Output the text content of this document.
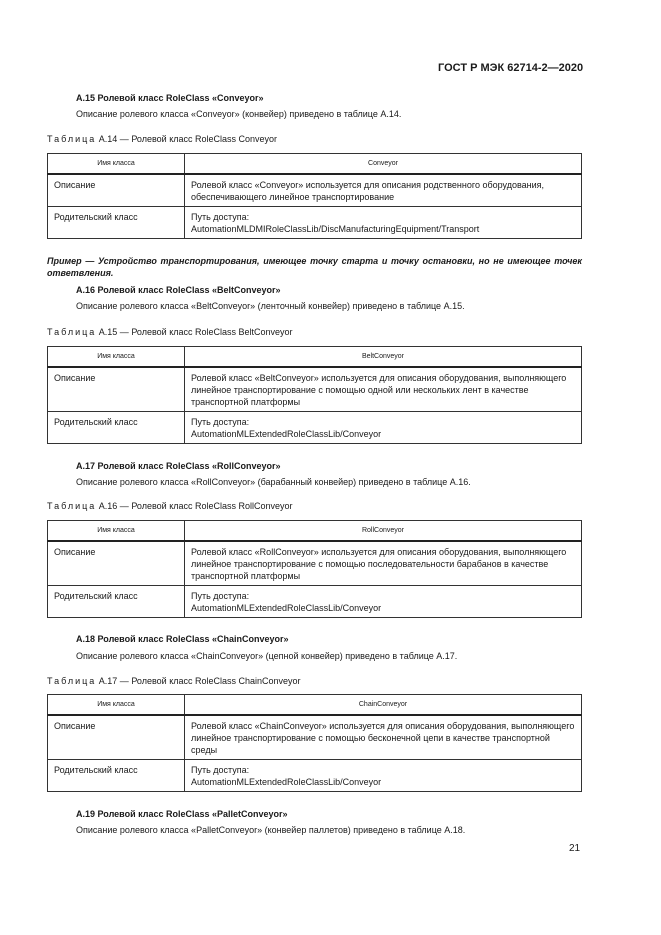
ГОСТ Р МЭК 62714-2—2020
А.15 Ролевой класс RoleClass «Conveyor»
Описание ролевого класса «Conveyor» (конвейер) приведено в таблице А.14.
Таблица А.14 — Ролевой класс RoleClass Conveyor
Имя класса	Conveyor
Описание	Ролевой класс «Conveyor» используется для описания родственного оборудования, обеспечивающего линейное транспортирование
Родительский класс	Путь доступа:
AutomationMLDMIRoleClassLib/DiscManufacturingEquipment/Transport
Пример — Устройство транспортирования, имеющее точку старта и точку остановки, но не имеющее точек ответвления.
А.16 Ролевой класс RoleClass «BeltConveyor»
Описание ролевого класса «BeltConveyor» (ленточный конвейер) приведено в таблице А.15.
Таблица А.15 — Ролевой класс RoleClass BeltConveyor
Имя класса	BeltConveyor
Описание	Ролевой класс «BeltConveyor» используется для описания оборудования, выполняющего линейное транспортирование с помощью одной или нескольких лент в качестве транспортной платформы
Родительский класс	Путь доступа:
AutomationMLExtendedRoleClassLib/Conveyor
А.17 Ролевой класс RoleClass «RollConveyor»
Описание ролевого класса «RollConveyor» (барабанный конвейер) приведено в таблице А.16.
Таблица А.16 — Ролевой класс RoleClass RollConveyor
Имя класса	RollConveyor
Описание	Ролевой класс «RollConveyor» используется для описания оборудования, выполняющего линейное транспортирование с помощью последовательности барабанов в качестве транспортной платформы
Родительский класс	Путь доступа:
AutomationMLExtendedRoleClassLib/Conveyor
А.18 Ролевой класс RoleClass «ChainConveyor»
Описание ролевого класса «ChainConveyor» (цепной конвейер) приведено в таблице А.17.
Таблица А.17 — Ролевой класс RoleClass ChainConveyor
Имя класса	ChainConveyor
Описание	Ролевой класс «ChainConveyor» используется для описания оборудования, выполняющего линейное транспортирование с помощью бесконечной цепи в качестве транспортной среды
Родительский класс	Путь доступа:
AutomationMLExtendedRoleClassLib/Conveyor
А.19 Ролевой класс RoleClass «PalletConveyor»
Описание ролевого класса «PalletConveyor» (конвейер паллетов) приведено в таблице А.18.
21
